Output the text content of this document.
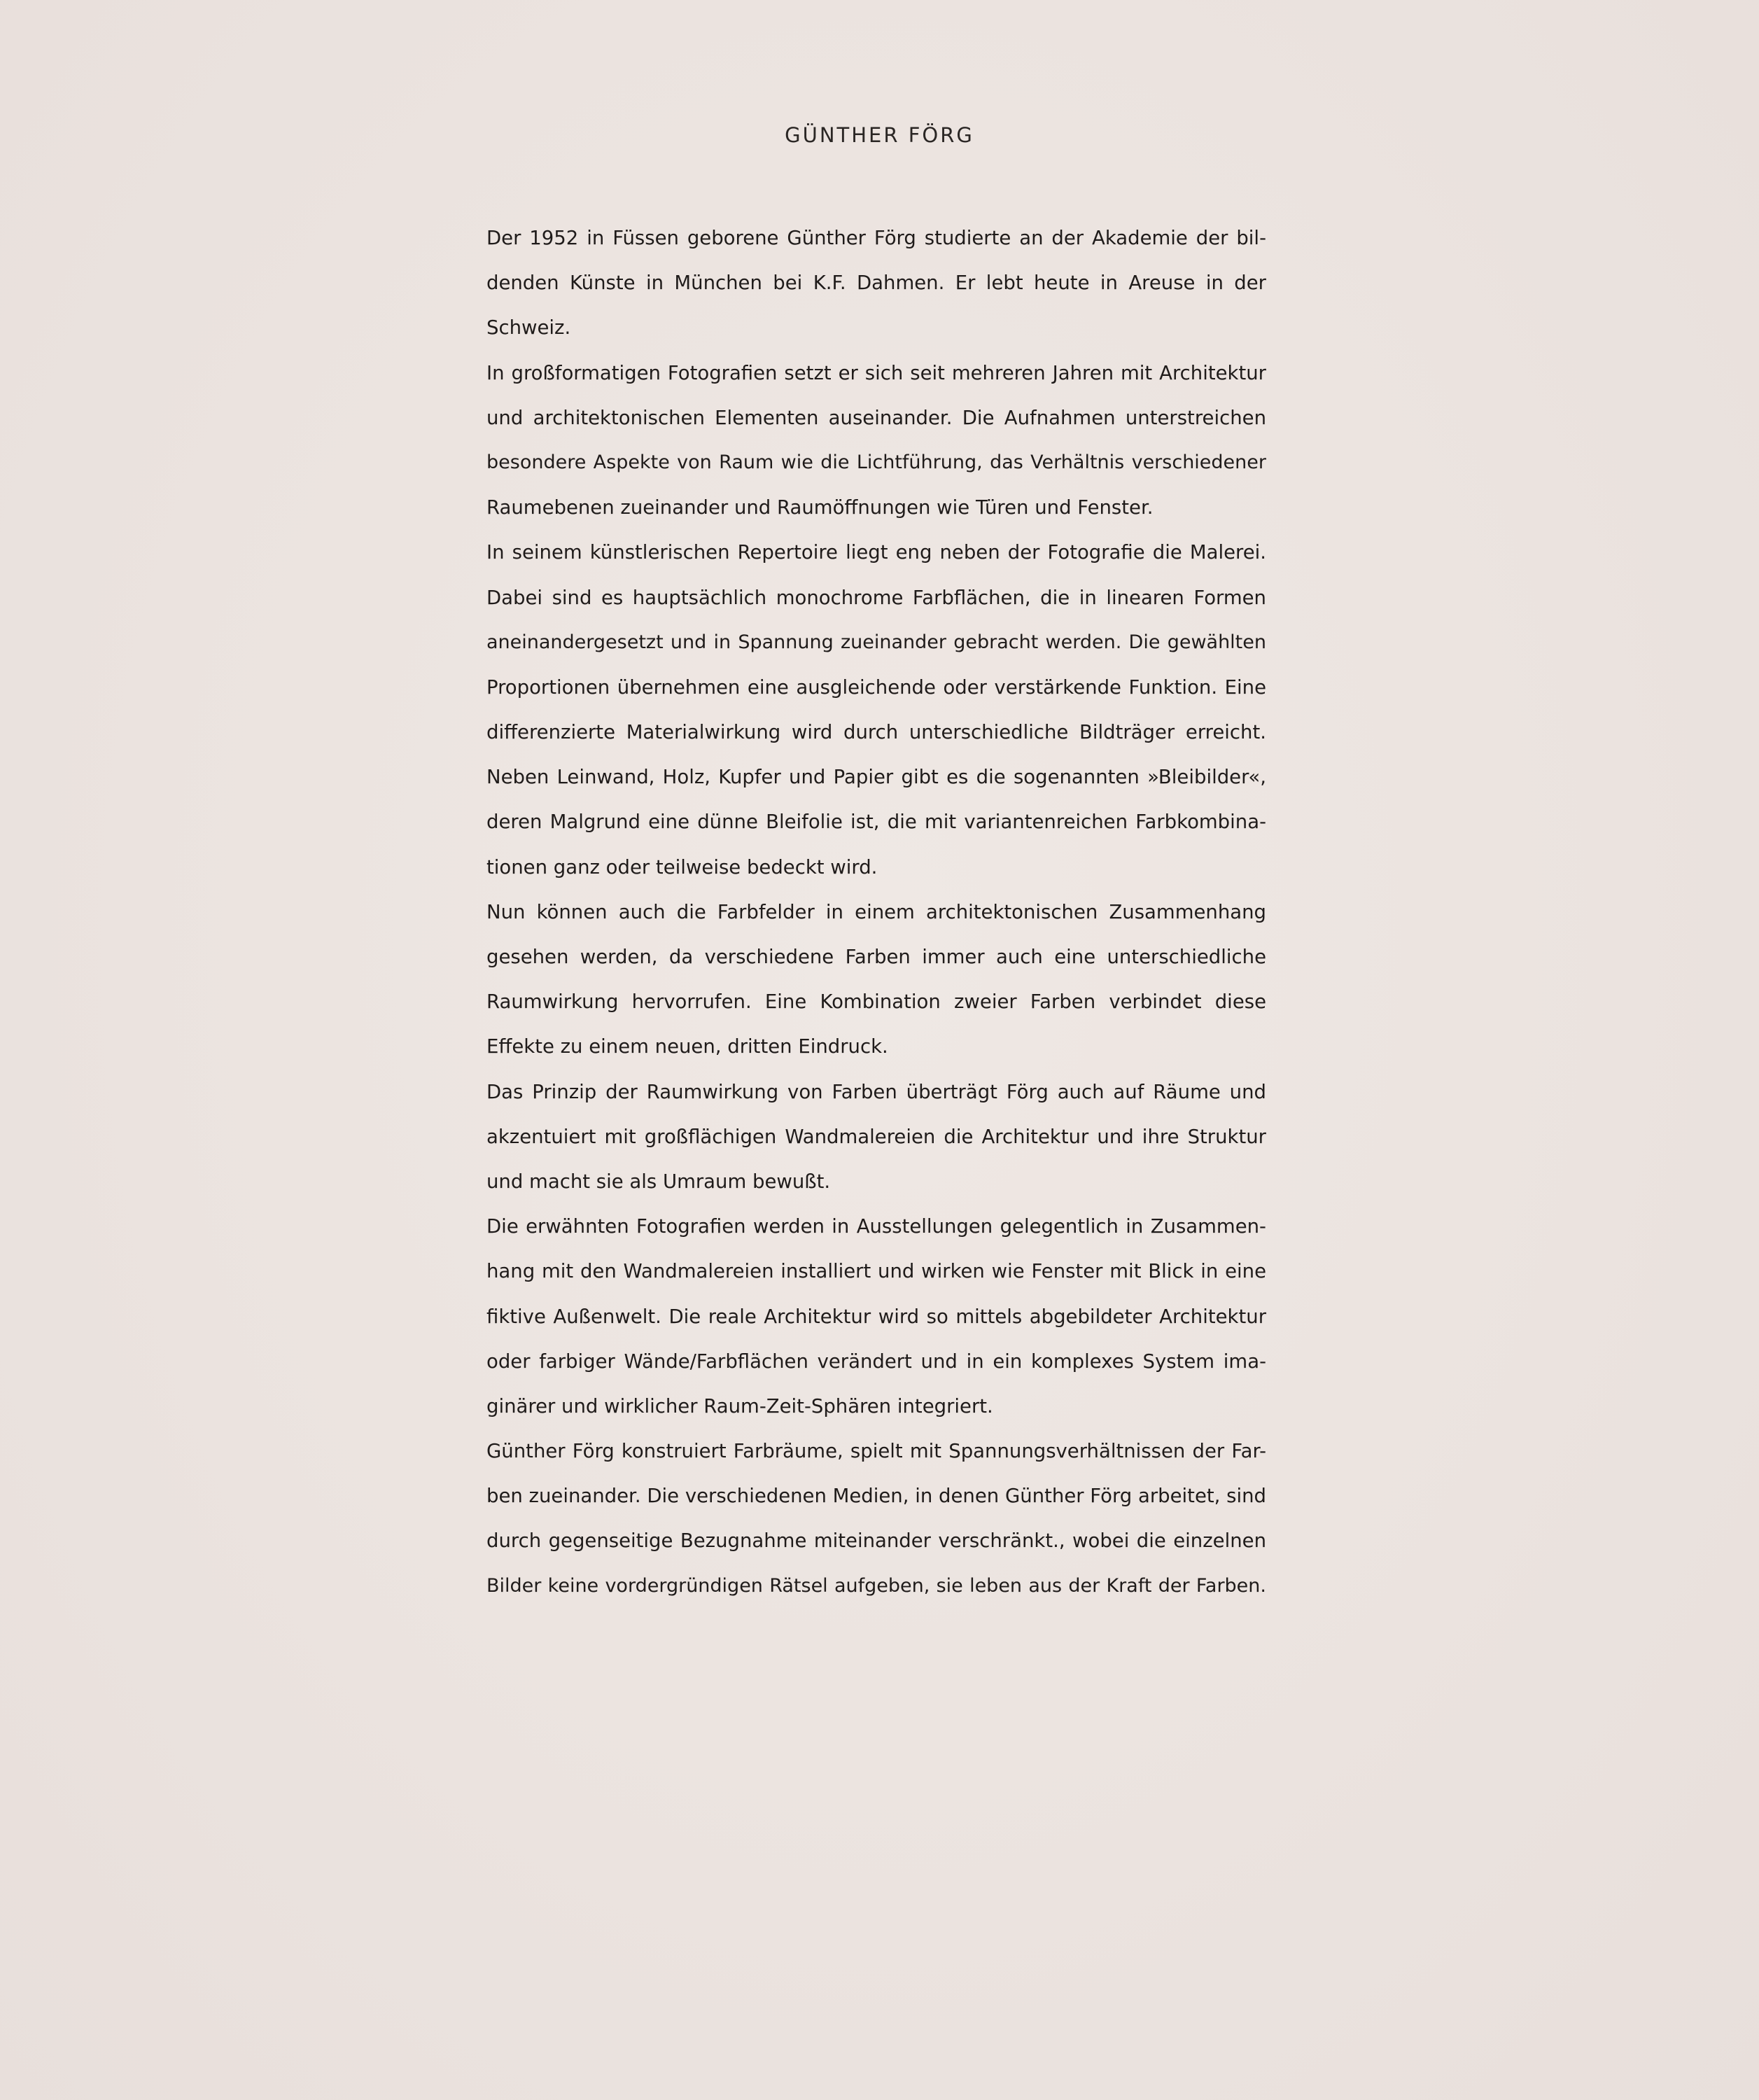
GÜNTHER FÖRG
Der 1952 in Füssen geborene Günther Förg studierte an der Akademie der bil-
denden Künste in München bei K.F. Dahmen. Er lebt heute in Areuse in der
Schweiz.
In großformatigen Fotografien setzt er sich seit mehreren Jahren mit Architektur
und architektonischen Elementen auseinander. Die Aufnahmen unterstreichen
besondere Aspekte von Raum wie die Lichtführung, das Verhältnis verschiedener
Raumebenen zueinander und Raumöffnungen wie Türen und Fenster.
In seinem künstlerischen Repertoire liegt eng neben der Fotografie die Malerei.
Dabei sind es hauptsächlich monochrome Farbflächen, die in linearen Formen
aneinandergesetzt und in Spannung zueinander gebracht werden. Die gewählten
Proportionen übernehmen eine ausgleichende oder verstärkende Funktion. Eine
differenzierte Materialwirkung wird durch unterschiedliche Bildträger erreicht.
Neben Leinwand, Holz, Kupfer und Papier gibt es die sogenannten »Bleibilder«,
deren Malgrund eine dünne Bleifolie ist, die mit variantenreichen Farbkombina-
tionen ganz oder teilweise bedeckt wird.
Nun können auch die Farbfelder in einem architektonischen Zusammenhang
gesehen werden, da verschiedene Farben immer auch eine unterschiedliche
Raumwirkung hervorrufen. Eine Kombination zweier Farben verbindet diese
Effekte zu einem neuen, dritten Eindruck.
Das Prinzip der Raumwirkung von Farben überträgt Förg auch auf Räume und
akzentuiert mit großflächigen Wandmalereien die Architektur und ihre Struktur
und macht sie als Umraum bewußt.
Die erwähnten Fotografien werden in Ausstellungen gelegentlich in Zusammen-
hang mit den Wandmalereien installiert und wirken wie Fenster mit Blick in eine
fiktive Außenwelt. Die reale Architektur wird so mittels abgebildeter Architektur
oder farbiger Wände/Farbflächen verändert und in ein komplexes System ima-
ginärer und wirklicher Raum-Zeit-Sphären integriert.
Günther Förg konstruiert Farbräume, spielt mit Spannungsverhältnissen der Far-
ben zueinander. Die verschiedenen Medien, in denen Günther Förg arbeitet, sind
durch gegenseitige Bezugnahme miteinander verschränkt., wobei die einzelnen
Bilder keine vordergründigen Rätsel aufgeben, sie leben aus der Kraft der Farben.
